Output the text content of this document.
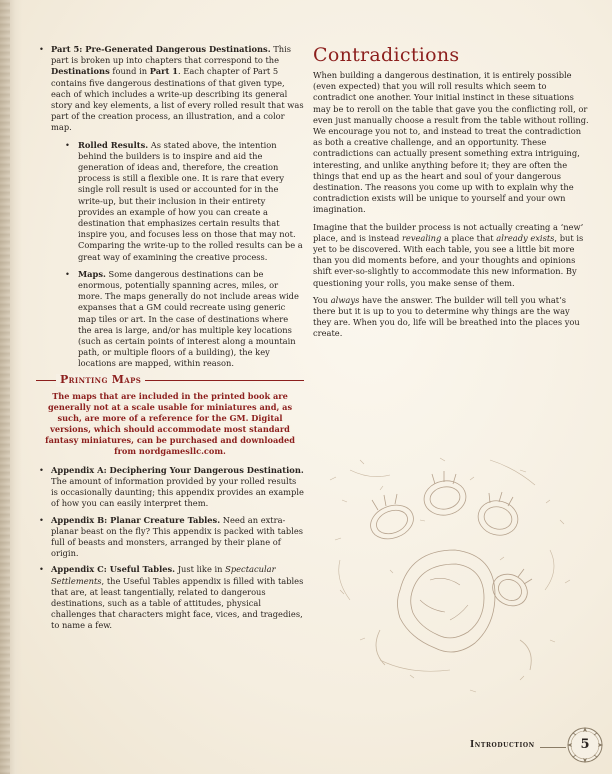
• Part 5: Pre-Generated Dangerous Destinations. This part is broken up into chapters that correspond to the Destinations found in Part 1. Each chapter of Part 5 contains five dangerous destinations of that given type, each of which includes a write-up describing its general story and key elements, a list of every rolled result that was part of the creation process, an illustration, and a color map.
• Rolled Results. As stated above, the intention behind the builders is to inspire and aid the generation of ideas and, therefore, the creation process is still a flexible one. It is rare that every single roll result is used or accounted for in the write-up, but their inclusion in their entirety provides an example of how you can create a destination that emphasizes certain results that inspire you, and focuses less on those that may not. Comparing the write-up to the rolled results can be a great way of examining the creative process.
• Maps. Some dangerous destinations can be enormous, potentially spanning acres, miles, or more. The maps generally do not include areas wide expanses that a GM could recreate using generic map tiles or art. In the case of destinations where the area is large, and/or has multiple key locations (such as certain points of interest along a mountain path, or multiple floors of a building), the key locations are mapped, within reason.
Printing Maps
The maps that are included in the printed book are generally not at a scale usable for miniatures and, as such, are more of a reference for the GM. Digital versions, which should accommodate most standard fantasy miniatures, can be purchased and downloaded from nordgamesllc.com.
• Appendix A: Deciphering Your Dangerous Destination. The amount of information provided by your rolled results is occasionally daunting; this appendix provides an example of how you can easily interpret them.
• Appendix B: Planar Creature Tables. Need an extra-planar beast on the fly? This appendix is packed with tables full of beasts and monsters, arranged by their plane of origin.
• Appendix C: Useful Tables. Just like in Spectacular Settlements, the Useful Tables appendix is filled with tables that are, at least tangentially, related to dangerous destinations, such as a table of attitudes, physical challenges that characters might face, vices, and tragedies, to name a few.
Contradictions

When building a dangerous destination, it is entirely possible (even expected) that you will roll results which seem to contradict one another. Your initial instinct in these situations may be to reroll on the table that gave you the conflicting roll, or even just manually choose a result from the table without rolling. We encourage you not to, and instead to treat the contradiction as both a creative challenge, and an opportunity. These contradictions can actually present something extra intriguing, interesting, and unlike anything before it; they are often the things that end up as the heart and soul of your dangerous destination. The reasons you come up with to explain why the contradiction exists will be unique to yourself and your own imagination.

Imagine that the builder process is not actually creating a ‘new’ place, and is instead revealing a place that already exists, but is yet to be discovered. With each table, you see a little bit more than you did moments before, and your thoughts and opinions shift ever-so-slightly to accommodate this new information. By questioning your rolls, you make sense of them.

You always have the answer. The builder will tell you what’s there but it is up to you to determine why things are the way they are. When you do, life will be breathed into the places you create.

Introduction	5
